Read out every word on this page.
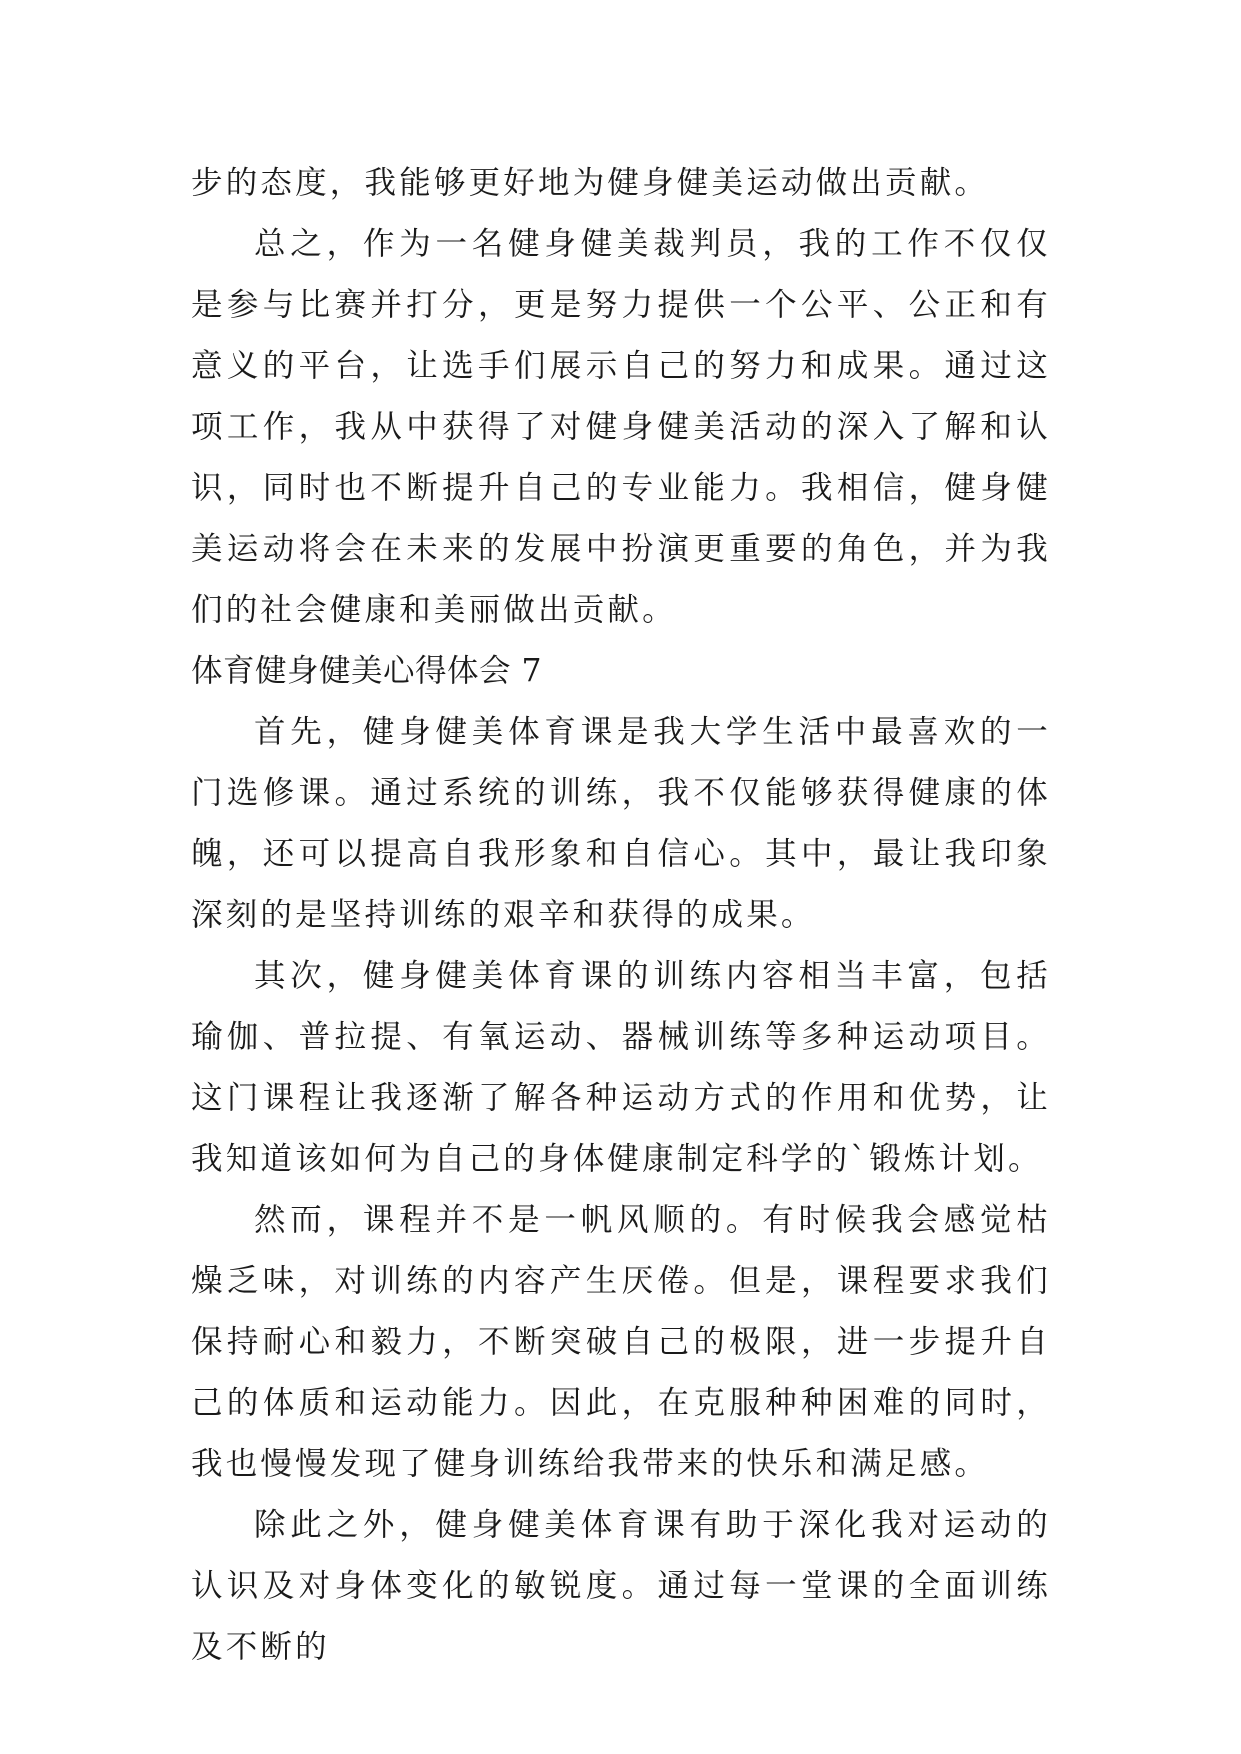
步的态度，我能够更好地为健身健美运动做出贡献。

总之，作为一名健身健美裁判员，我的工作不仅仅是参与比赛并打分，更是努力提供一个公平、公正和有意义的平台，让选手们展示自己的努力和成果。通过这项工作，我从中获得了对健身健美活动的深入了解和认识，同时也不断提升自己的专业能力。我相信，健身健美运动将会在未来的发展中扮演更重要的角色，并为我们的社会健康和美丽做出贡献。

体育健身健美心得体会 7

首先，健身健美体育课是我大学生活中最喜欢的一门选修课。通过系统的训练，我不仅能够获得健康的体魄，还可以提高自我形象和自信心。其中，最让我印象深刻的是坚持训练的艰辛和获得的成果。

其次，健身健美体育课的训练内容相当丰富，包括瑜伽、普拉提、有氧运动、器械训练等多种运动项目。这门课程让我逐渐了解各种运动方式的作用和优势，让我知道该如何为自己的身体健康制定科学的`锻炼计划。

然而，课程并不是一帆风顺的。有时候我会感觉枯燥乏味，对训练的内容产生厌倦。但是，课程要求我们保持耐心和毅力，不断突破自己的极限，进一步提升自己的体质和运动能力。因此，在克服种种困难的同时，我也慢慢发现了健身训练给我带来的快乐和满足感。

除此之外，健身健美体育课有助于深化我对运动的认识及对身体变化的敏锐度。通过每一堂课的全面训练及不断的
